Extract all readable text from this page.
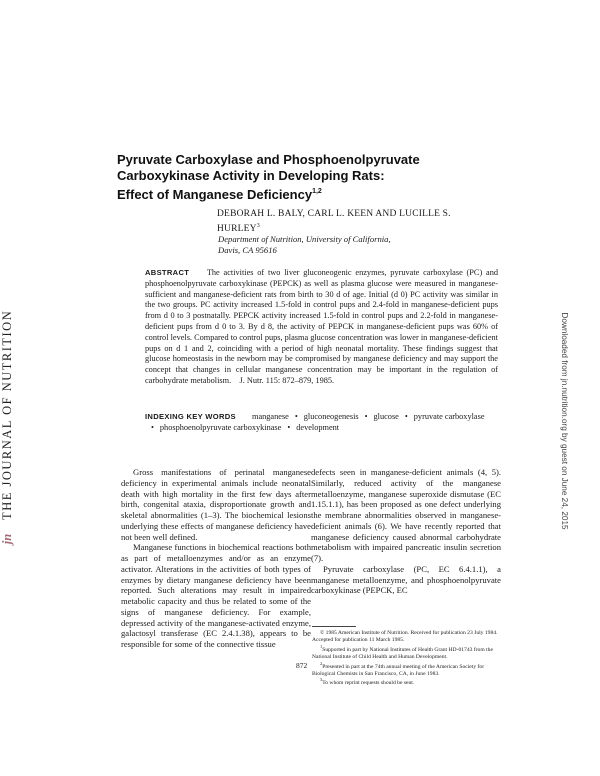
Pyruvate Carboxylase and Phosphoenolpyruvate
Carboxykinase Activity in Developing Rats:
Effect of Manganese Deficiency$^{1,2}$
DEBORAH L. BALY, CARL L. KEEN AND LUCILLE S.
HURLEY$^3$
Department of Nutrition, University of California,
Davis, CA 95616

ABSTRACT The activities of two liver gluconeogenic enzymes, pyruvate carboxylase (PC) and phosphoenolpyruvate carboxykinase (PEPCK) as well as plasma glucose were measured in manganese-sufficient and manganese-deficient rats from birth to 30 d of age. Initial (d 0) PC activity was similar in the two groups. PC activity increased 1.5-fold in control pups and 2.4-fold in manganese-deficient pups from d 0 to 3 postnatally. PEPCK activity increased 1.5-fold in control pups and 2.2-fold in manganese-deficient pups from d 0 to 3. By d 8, the activity of PEPCK in manganese-deficient pups was 60% of control levels. Compared to control pups, plasma glucose concentration was lower in manganese-deficient pups on d 1 and 2, coinciding with a period of high neonatal mortality. These findings suggest that glucose homeostasis in the newborn may be compromised by manganese deficiency and may support the concept that changes in cellular manganese concentration may be important in the regulation of carbohydrate metabolism. J. Nutr. 115: 872–879, 1985.

INDEXING KEY WORDS manganese • gluconeogenesis • glucose • pyruvate carboxylase• phosphoenolpyruvate carboxykinase • development

Gross manifestations of perinatal manganese deficiency in experimental animals include neonatal death with high mortality in the first few days after birth, congenital ataxia, disproportionate growth and skeletal abnormalities (1–3). The biochemical lesions underlying these effects of manganese deficiency have not been well defined.

Manganese functions in biochemical reactions both as part of metalloenzymes and/or as an enzyme activator. Alterations in the activities of both types of enzymes by dietary manganese deficiency have been reported. Such alterations may result in impaired metabolic capacity and thus be related to some of the signs of manganese deficiency. For example, depressed activity of the manganese-activated enzyme, galactosyl transferase (EC 2.4.1.38), appears to be responsible for some of the connective tissue

defects seen in manganese-deficient animals (4, 5). Similarly, reduced activity of the manganese metalloenzyme, manganese superoxide dismutase (EC 1.15.1.1), has been proposed as one defect underlying the membrane abnormalities observed in manganese-deficient animals (6). We have recently reported that manganese deficiency caused abnormal carbohydrate metabolism with impaired pancreatic insulin secretion (7).

Pyruvate carboxylase (PC, EC 6.4.1.1), a manganese metalloenzyme, and phosphoenolpyruvate carboxykinase (PEPCK, EC

© 1985 American Institute of Nutrition. Received for publication 23 July 1984. Accepted for publication 11 March 1985.

$^1$Supported in part by National Institutes of Health Grant HD-01743 from the National Institute of Child Health and Human Development.

$^2$Presented in part at the 74th annual meeting of the American Society for Biological Chemists in San Francisco, CA, in June 1983.

$^3$To whom reprint requests should be sent.

872
jn   THE JOURNAL OF NUTRITION	Downloaded from jn.nutrition.org by guest on June 24, 2015
